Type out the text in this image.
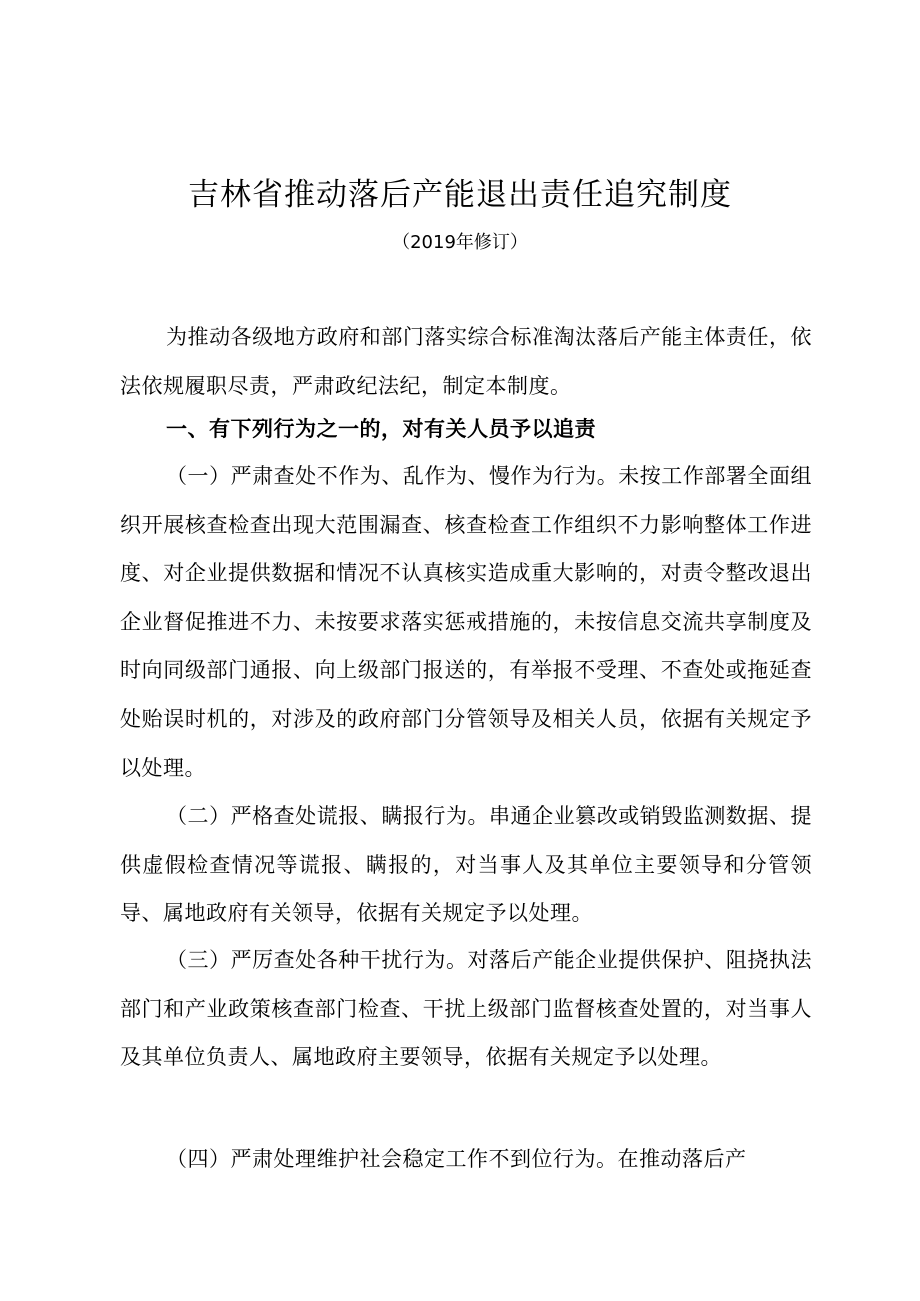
吉林省推动落后产能退出责任追究制度

（2019年修订）

为推动各级地方政府和部门落实综合标准淘汰落后产能主体责任，依法依规履职尽责，严肃政纪法纪，制定本制度。

一、有下列行为之一的，对有关人员予以追责

（一）严肃查处不作为、乱作为、慢作为行为。未按工作部署全面组织开展核查检查出现大范围漏查、核查检查工作组织不力影响整体工作进度、对企业提供数据和情况不认真核实造成重大影响的，对责令整改退出企业督促推进不力、未按要求落实惩戒措施的，未按信息交流共享制度及时向同级部门通报、向上级部门报送的，有举报不受理、不查处或拖延查处贻误时机的，对涉及的政府部门分管领导及相关人员，依据有关规定予以处理。

（二）严格查处谎报、瞒报行为。串通企业篡改或销毁监测数据、提供虚假检查情况等谎报、瞒报的，对当事人及其单位主要领导和分管领导、属地政府有关领导，依据有关规定予以处理。

（三）严厉查处各种干扰行为。对落后产能企业提供保护、阻挠执法部门和产业政策核查部门检查、干扰上级部门监督核查处置的，对当事人及其单位负责人、属地政府主要领导，依据有关规定予以处理。

（四）严肃处理维护社会稳定工作不到位行为。在推动落后产
